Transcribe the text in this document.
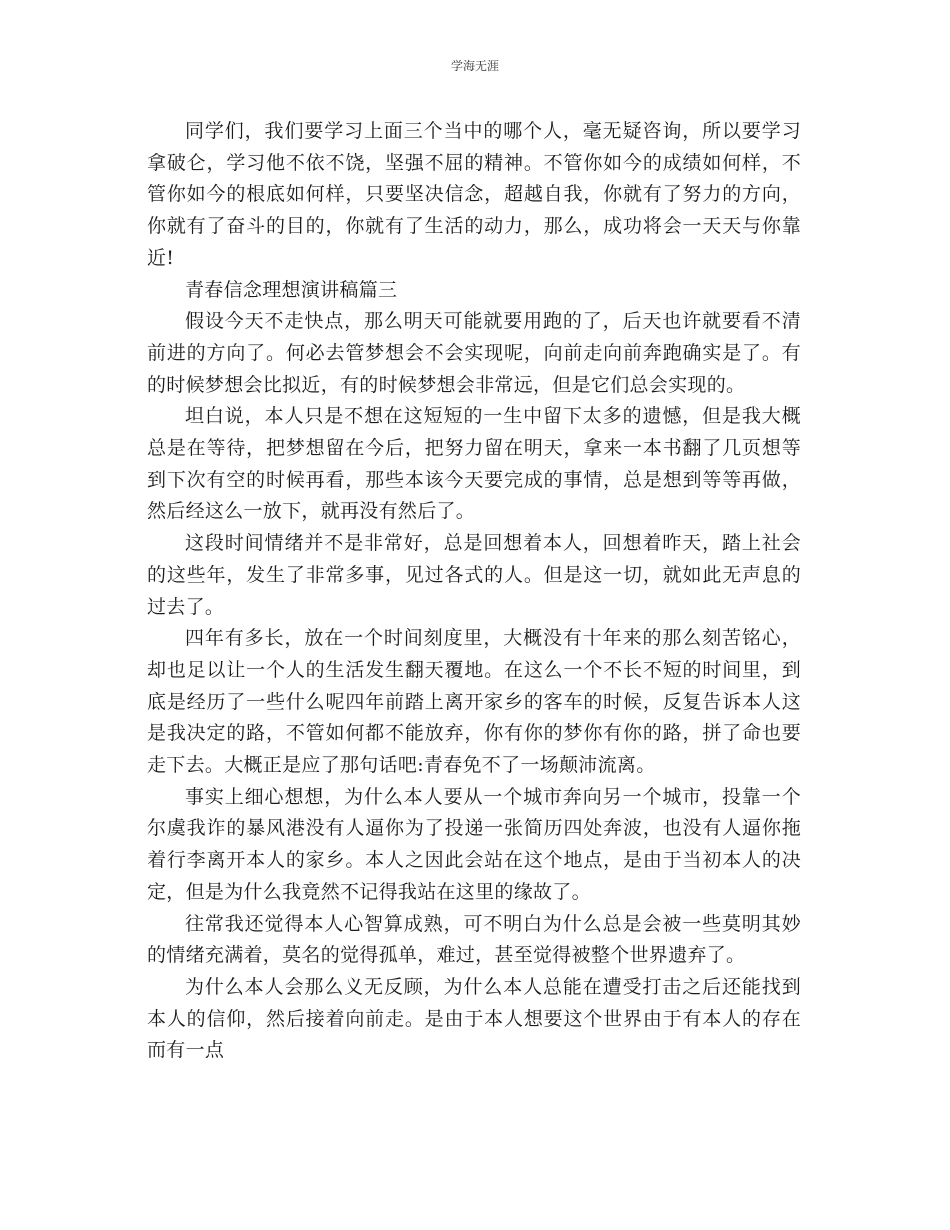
学海无涯

同学们，我们要学习上面三个当中的哪个人，毫无疑咨询，所以要学习拿破仑，学习他不依不饶，坚强不屈的精神。不管你如今的成绩如何样，不管你如今的根底如何样，只要坚决信念，超越自我，你就有了努力的方向，你就有了奋斗的目的，你就有了生活的动力，那么，成功将会一天天与你靠近!

青春信念理想演讲稿篇三

假设今天不走快点，那么明天可能就要用跑的了，后天也许就要看不清前进的方向了。何必去管梦想会不会实现呢，向前走向前奔跑确实是了。有的时候梦想会比拟近，有的时候梦想会非常远，但是它们总会实现的。

坦白说，本人只是不想在这短短的一生中留下太多的遗憾，但是我大概总是在等待，把梦想留在今后，把努力留在明天，拿来一本书翻了几页想等到下次有空的时候再看，那些本该今天要完成的事情，总是想到等等再做，然后经这么一放下，就再没有然后了。

这段时间情绪并不是非常好，总是回想着本人，回想着昨天，踏上社会的这些年，发生了非常多事，见过各式的人。但是这一切，就如此无声息的过去了。

四年有多长，放在一个时间刻度里，大概没有十年来的那么刻苦铭心，却也足以让一个人的生活发生翻天覆地。在这么一个不长不短的时间里，到底是经历了一些什么呢四年前踏上离开家乡的客车的时候，反复告诉本人这是我决定的路，不管如何都不能放弃，你有你的梦你有你的路，拼了命也要走下去。大概正是应了那句话吧:青春免不了一场颠沛流离。

事实上细心想想，为什么本人要从一个城市奔向另一个城市，投靠一个尔虞我诈的暴风港没有人逼你为了投递一张简历四处奔波，也没有人逼你拖着行李离开本人的家乡。本人之因此会站在这个地点，是由于当初本人的决定，但是为什么我竟然不记得我站在这里的缘故了。

往常我还觉得本人心智算成熟，可不明白为什么总是会被一些莫明其妙的情绪充满着，莫名的觉得孤单，难过，甚至觉得被整个世界遗弃了。

为什么本人会那么义无反顾，为什么本人总能在遭受打击之后还能找到本人的信仰，然后接着向前走。是由于本人想要这个世界由于有本人的存在而有一点
